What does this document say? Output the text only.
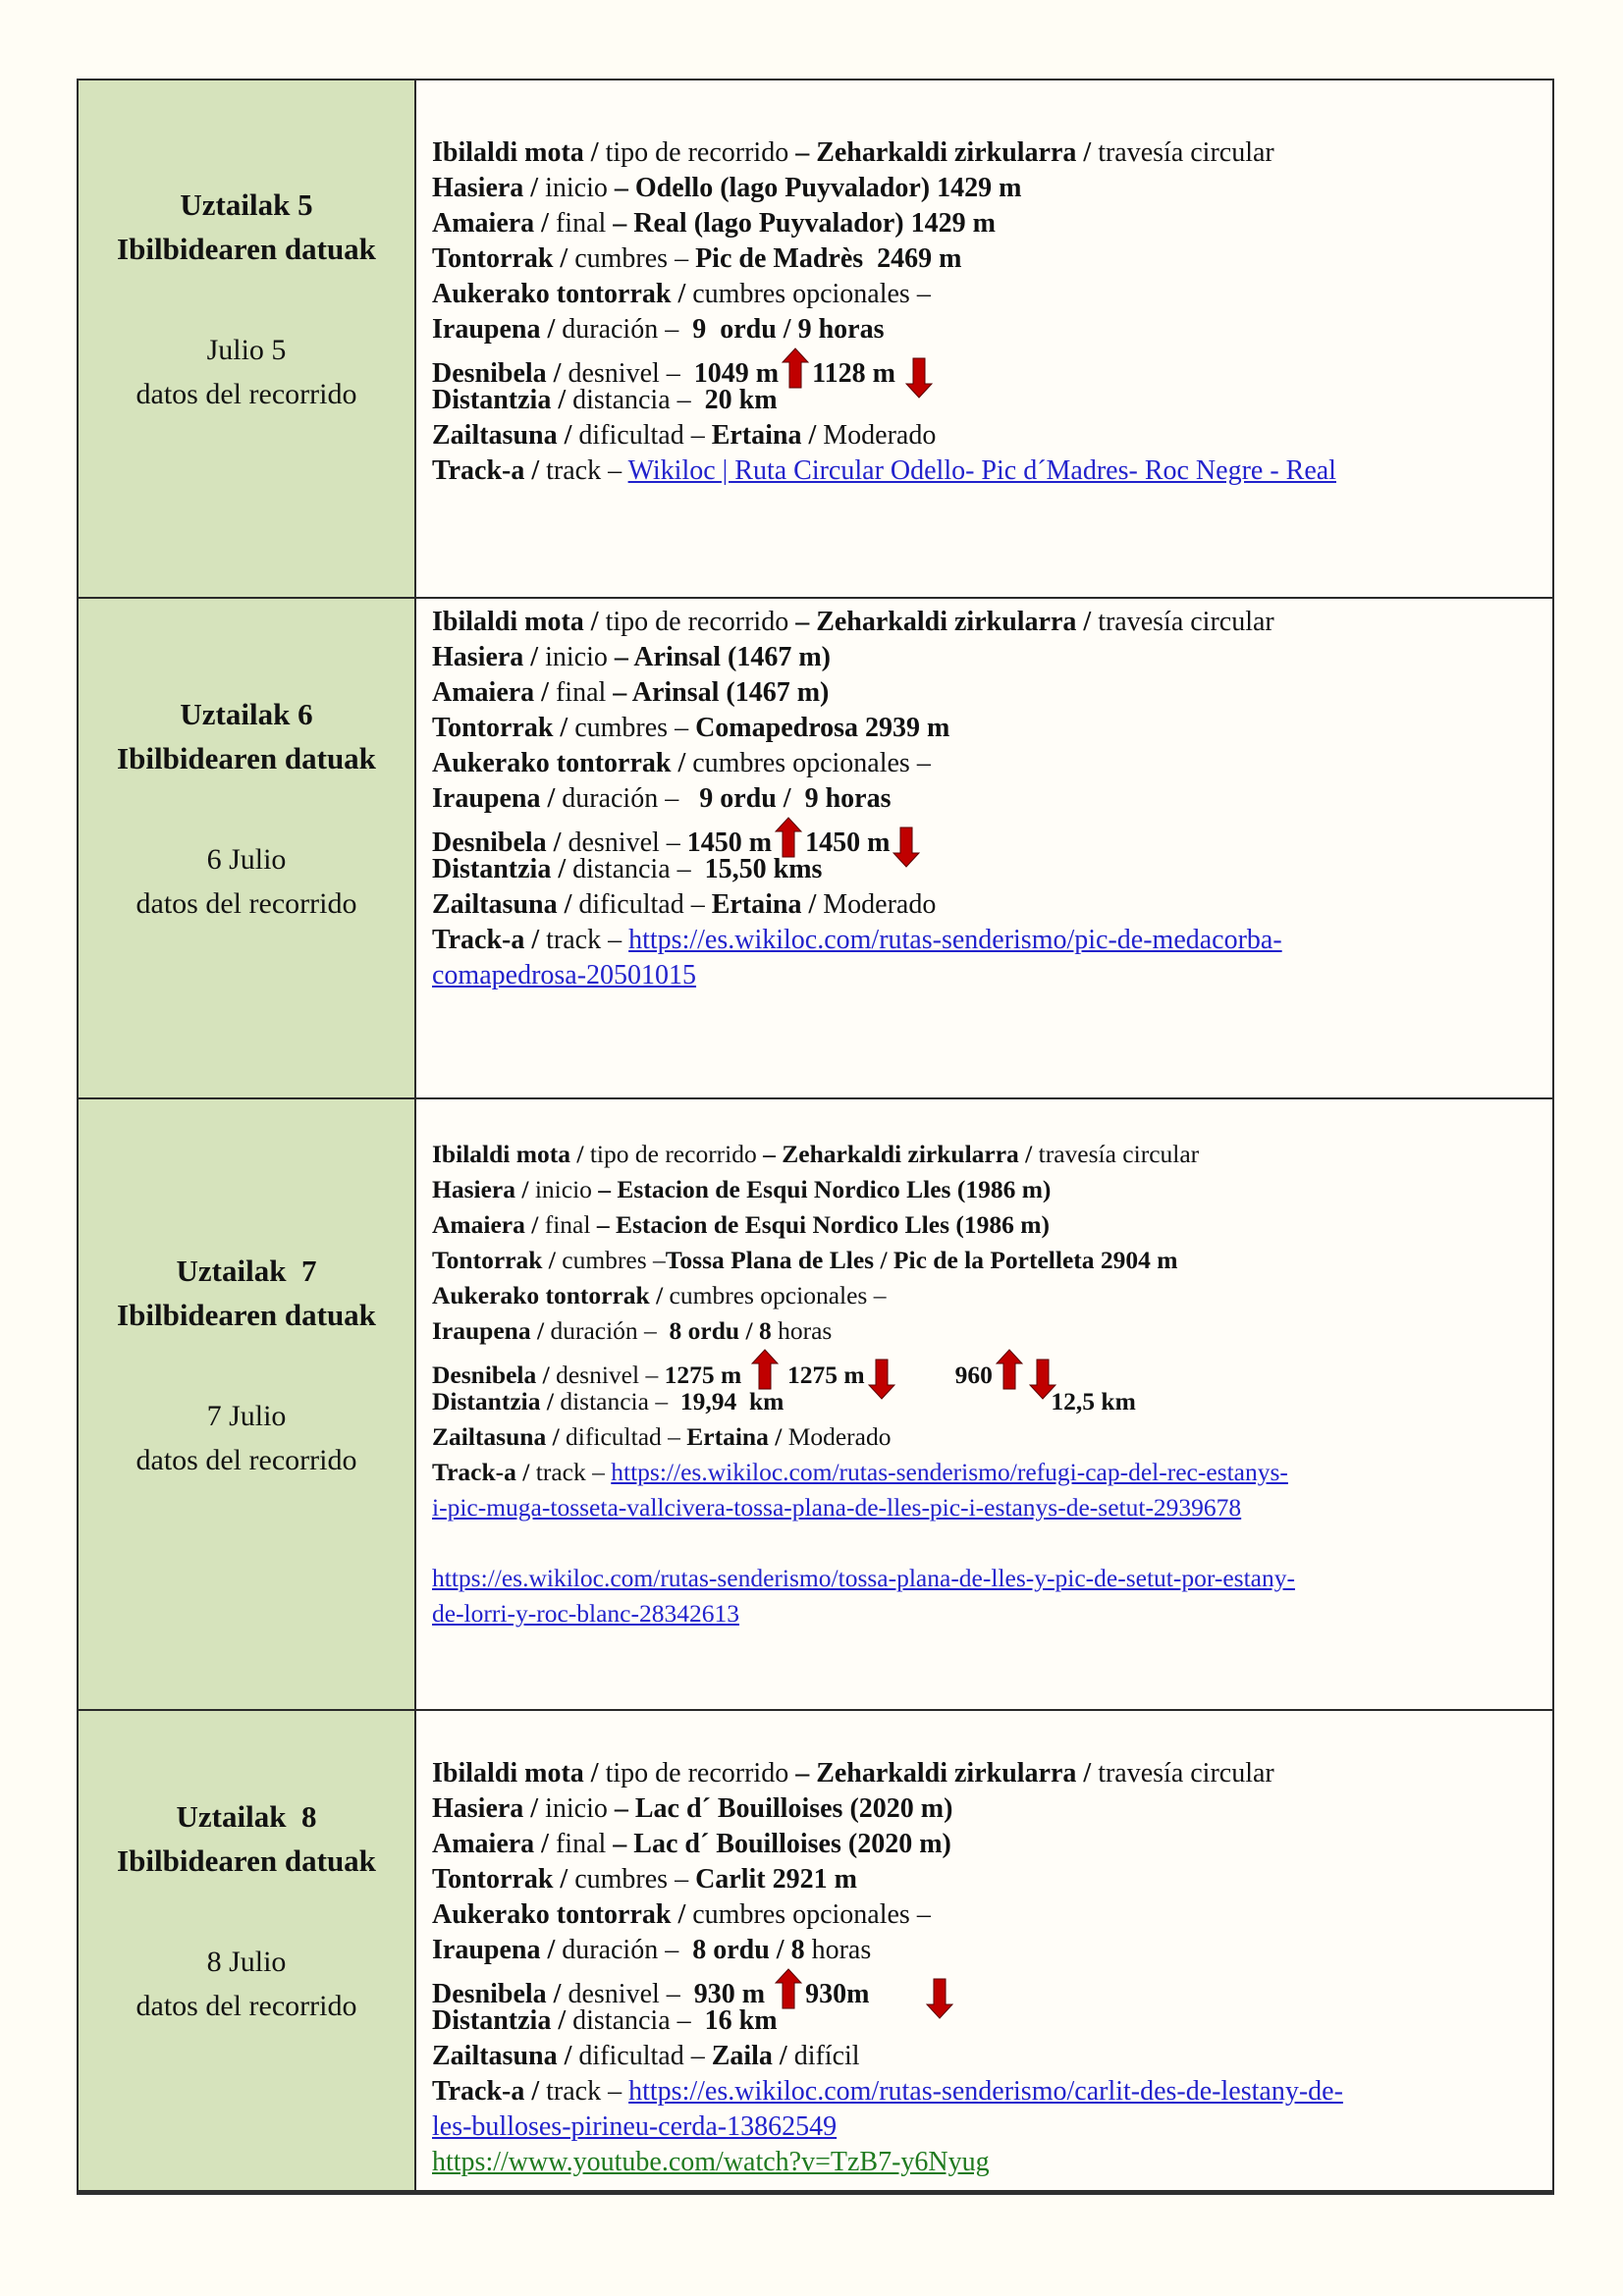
Uztailak 5
Ibilbidearen datuak
Julio 5
datos del recorrido
Ibilaldi mota / tipo de recorrido – Zeharkaldi zirkularra / travesía circular
Hasiera / inicio – Odello (lago Puyvalador) 1429 m
Amaiera / final – Real (lago Puyvalador) 1429 m
Tontorrak / cumbres – Pic de Madrès  2469 m
Aukerako tontorrak / cumbres opcionales –
Iraupena / duración –  9  ordu / 9 horas
Desnibela / desnivel –  1049 m 1128 m
Distantzia / distancia –  20 km
Zailtasuna / dificultad – Ertaina / Moderado
Track-a / track – Wikiloc | Ruta Circular Odello- Pic d´Madres- Roc Negre - Real
Uztailak 6
Ibilbidearen datuak
6 Julio
datos del recorrido
Ibilaldi mota / tipo de recorrido – Zeharkaldi zirkularra / travesía circular
Hasiera / inicio – Arinsal (1467 m)
Amaiera / final – Arinsal (1467 m)
Tontorrak / cumbres – Comapedrosa 2939 m
Aukerako tontorrak / cumbres opcionales –
Iraupena / duración –   9 ordu /  9 horas
Desnibela / desnivel – 1450 m 1450 m
Distantzia / distancia –  15,50 kms
Zailtasuna / dificultad – Ertaina / Moderado
Track-a / track – https://es.wikiloc.com/rutas-senderismo/pic-de-medacorba-
comapedrosa-20501015
Uztailak  7
Ibilbidearen datuak
7 Julio
datos del recorrido
Ibilaldi mota / tipo de recorrido – Zeharkaldi zirkularra / travesía circular
Hasiera / inicio – Estacion de Esqui Nordico Lles (1986 m)
Amaiera / final – Estacion de Esqui Nordico Lles (1986 m)
Tontorrak / cumbres –Tossa Plana de Lles / Pic de la Portelleta 2904 m
Aukerako tontorrak / cumbres opcionales –
Iraupena / duración –  8 ordu / 8 horas
Desnibela / desnivel – 1275 m  1275 m	960
Distantzia / distancia –  19,94  km	12,5 km
Zailtasuna / dificultad – Ertaina / Moderado
Track-a / track – https://es.wikiloc.com/rutas-senderismo/refugi-cap-del-rec-estanys-
i-pic-muga-tosseta-vallcivera-tossa-plana-de-lles-pic-i-estanys-de-setut-2939678

https://es.wikiloc.com/rutas-senderismo/tossa-plana-de-lles-y-pic-de-setut-por-estany-
de-lorri-y-roc-blanc-28342613
Uztailak  8
Ibilbidearen datuak
8 Julio
datos del recorrido
Ibilaldi mota / tipo de recorrido – Zeharkaldi zirkularra / travesía circular
Hasiera / inicio – Lac d´ Bouilloises (2020 m)
Amaiera / final – Lac d´ Bouilloises (2020 m)
Tontorrak / cumbres – Carlit 2921 m
Aukerako tontorrak / cumbres opcionales –
Iraupena / duración –  8 ordu / 8 horas
Desnibela / desnivel –  930 m 930m
Distantzia / distancia –  16 km
Zailtasuna / dificultad – Zaila / difícil
Track-a / track – https://es.wikiloc.com/rutas-senderismo/carlit-des-de-lestany-de-
les-bulloses-pirineu-cerda-13862549
https://www.youtube.com/watch?v=TzB7-y6Nyug
